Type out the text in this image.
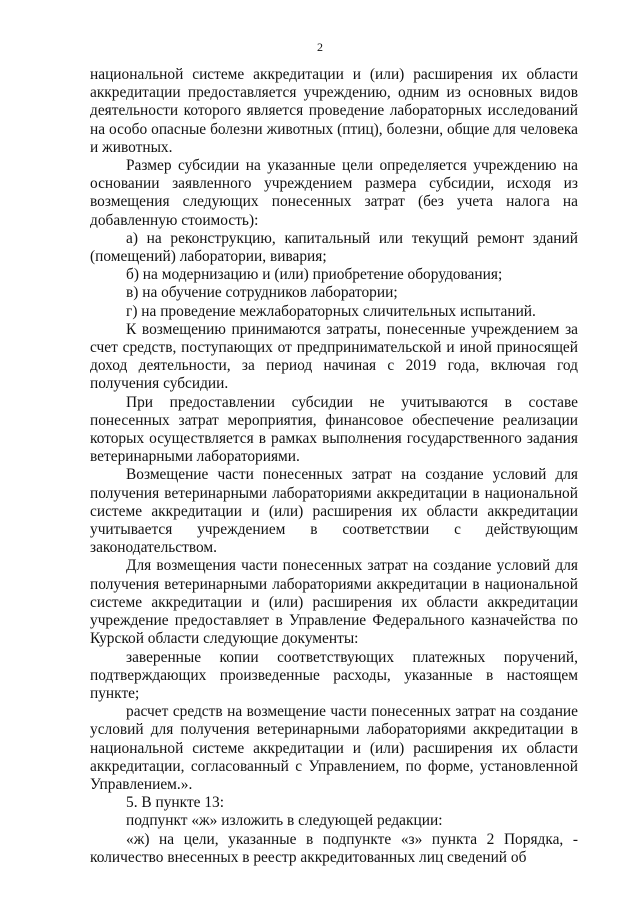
2

национальной системе аккредитации и (или) расширения их области аккредитации предоставляется учреждению, одним из основных видов деятельности которого является проведение лабораторных исследований на особо опасные болезни животных (птиц), болезни, общие для человека и животных.

Размер субсидии на указанные цели определяется учреждению на основании заявленного учреждением размера субсидии, исходя из возмещения следующих понесенных затрат (без учета налога на добавленную стоимость):

а) на реконструкцию, капитальный или текущий ремонт зданий (помещений) лаборатории, вивария;

б) на модернизацию и (или) приобретение оборудования;

в) на обучение сотрудников лаборатории;

г) на проведение межлабораторных сличительных испытаний.

К возмещению принимаются затраты, понесенные учреждением за счет средств, поступающих от предпринимательской и иной приносящей доход деятельности, за период начиная с 2019 года, включая год получения субсидии.

При предоставлении субсидии не учитываются в составе понесенных затрат мероприятия, финансовое обеспечение реализации которых осуществляется в рамках выполнения государственного задания ветеринарными лабораториями.

Возмещение части понесенных затрат на создание условий для получения ветеринарными лабораториями аккредитации в национальной системе аккредитации и (или) расширения их области аккредитации учитывается учреждением в соответствии с действующим законодательством.

Для возмещения части понесенных затрат на создание условий для получения ветеринарными лабораториями аккредитации в национальной системе аккредитации и (или) расширения их области аккредитации учреждение предоставляет в Управление Федерального казначейства по Курской области следующие документы:

заверенные копии соответствующих платежных поручений, подтверждающих произведенные расходы, указанные в настоящем пункте;

расчет средств на возмещение части понесенных затрат на создание условий для получения ветеринарными лабораториями аккредитации в национальной системе аккредитации и (или) расширения их области аккредитации, согласованный с Управлением, по форме, установленной Управлением.».

5. В пункте 13:

подпункт «ж» изложить в следующей редакции:

«ж) на цели, указанные в подпункте «з» пункта 2 Порядка, - количество внесенных в реестр аккредитованных лиц сведений об
